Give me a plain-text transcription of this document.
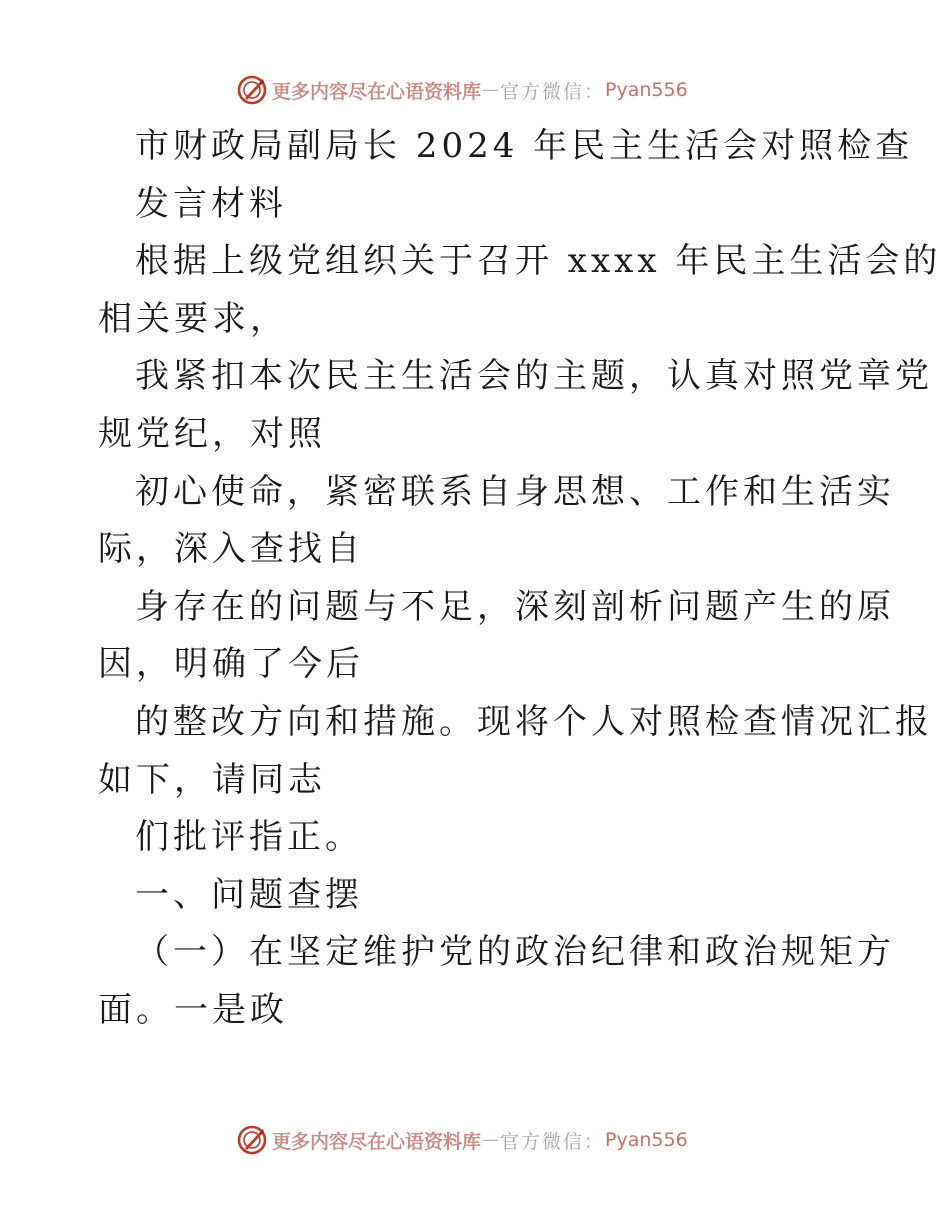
更多内容尽在心语资料库 — 官方微信： Pyan556
市财政局副局长 2024 年民主生活会对照检查
发言材料
根据上级党组织关于召开 xxxx 年民主生活会的
相关要求，
我紧扣本次民主生活会的主题，认真对照党章党
规党纪，对照
初心使命，紧密联系自身思想、工作和生活实
际，深入查找自
身存在的问题与不足，深刻剖析问题产生的原
因，明确了今后
的整改方向和措施。现将个人对照检查情况汇报
如下，请同志
们批评指正。
一、问题查摆
（一）在坚定维护党的政治纪律和政治规矩方
面。一是政
更多内容尽在心语资料库 — 官方微信： Pyan556
